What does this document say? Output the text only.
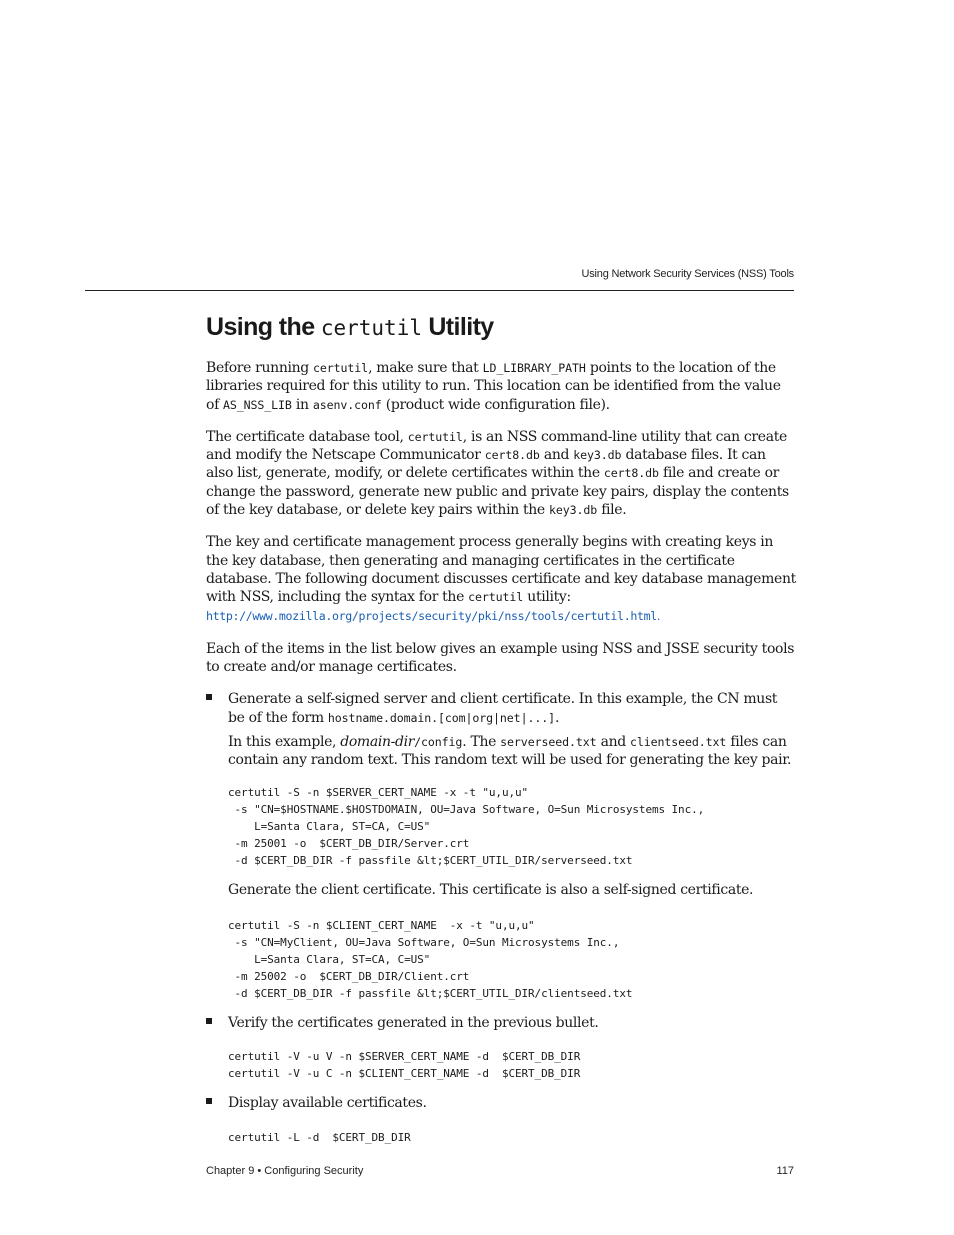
Using Network Security Services (NSS) Tools
Using the certutil Utility

Before running certutil, make sure that LD_LIBRARY_PATH points to the location of the libraries required for this utility to run. This location can be identified from the value of AS_NSS_LIB in asenv.conf (product wide configuration file).

The certificate database tool, certutil, is an NSS command-line utility that can create and modify the Netscape Communicator cert8.db and key3.db database files. It can also list, generate, modify, or delete certificates within the cert8.db file and create or change the password, generate new public and private key pairs, display the contents of the key database, or delete key pairs within the key3.db file.

The key and certificate management process generally begins with creating keys in the key database, then generating and managing certificates in the certificate database. The following document discusses certificate and key database management with NSS, including the syntax for the certutil utility:
http://www.mozilla.org/projects/security/pki/nss/tools/certutil.html.

Each of the items in the list below gives an example using NSS and JSSE security tools to create and/or manage certificates.

Generate a self-signed server and client certificate. In this example, the CN must be of the form hostname.domain.[com|org|net|...].

In this example, domain-dir/config. The serverseed.txt and clientseed.txt files can contain any random text. This random text will be used for generating the key pair.

certutil -S -n $SERVER_CERT_NAME -x -t "u,u,u"
-s "CN=$HOSTNAME.$HOSTDOMAIN, OU=Java Software, O=Sun Microsystems Inc.,
L=Santa Clara, ST=CA, C=US"
-m 25001 -o  $CERT_DB_DIR/Server.crt
-d $CERT_DB_DIR -f passfile &lt;$CERT_UTIL_DIR/serverseed.txt

Generate the client certificate. This certificate is also a self-signed certificate.

certutil -S -n $CLIENT_CERT_NAME  -x -t "u,u,u"
-s "CN=MyClient, OU=Java Software, O=Sun Microsystems Inc.,
L=Santa Clara, ST=CA, C=US"
-m 25002 -o  $CERT_DB_DIR/Client.crt
-d $CERT_DB_DIR -f passfile &lt;$CERT_UTIL_DIR/clientseed.txt

Verify the certificates generated in the previous bullet.

certutil -V -u V -n $SERVER_CERT_NAME -d  $CERT_DB_DIR
certutil -V -u C -n $CLIENT_CERT_NAME -d  $CERT_DB_DIR

Display available certificates.

certutil -L -d  $CERT_DB_DIR
Chapter 9 • Configuring Security	117
